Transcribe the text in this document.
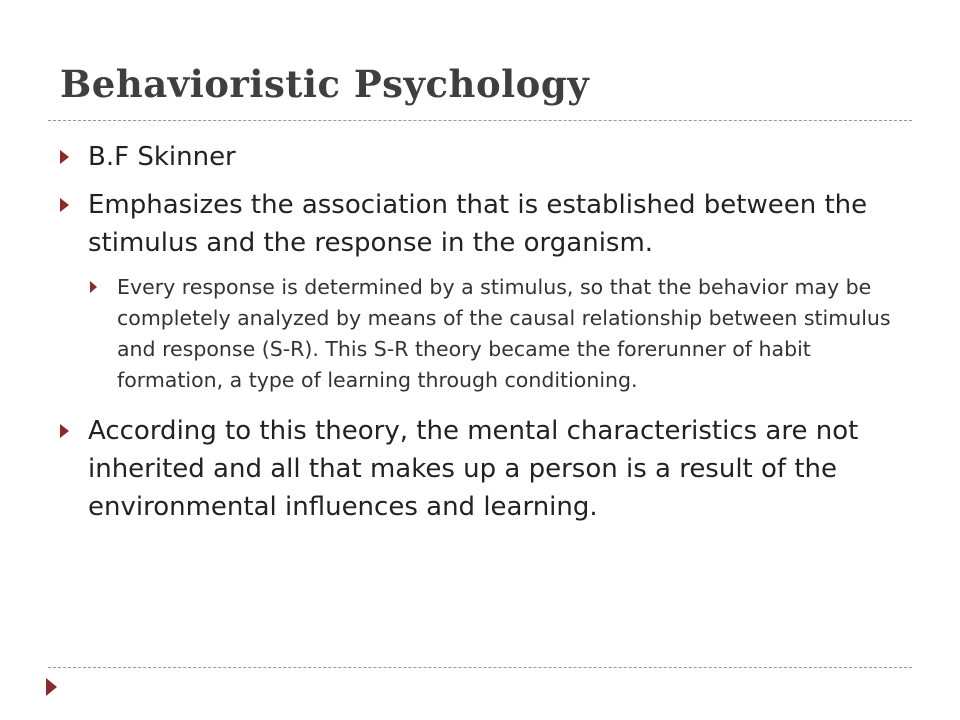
Behavioristic Psychology
B.F Skinner
Emphasizes the association that is established between the stimulus and the response in the organism.
Every response is determined by a stimulus, so that the behavior may be completely analyzed by means of the causal relationship between stimulus and response (S-R). This S-R theory became the forerunner of habit formation, a type of learning through conditioning.
According to this theory, the mental characteristics are not inherited and all that makes up a person is a result of the environmental influences and learning.
